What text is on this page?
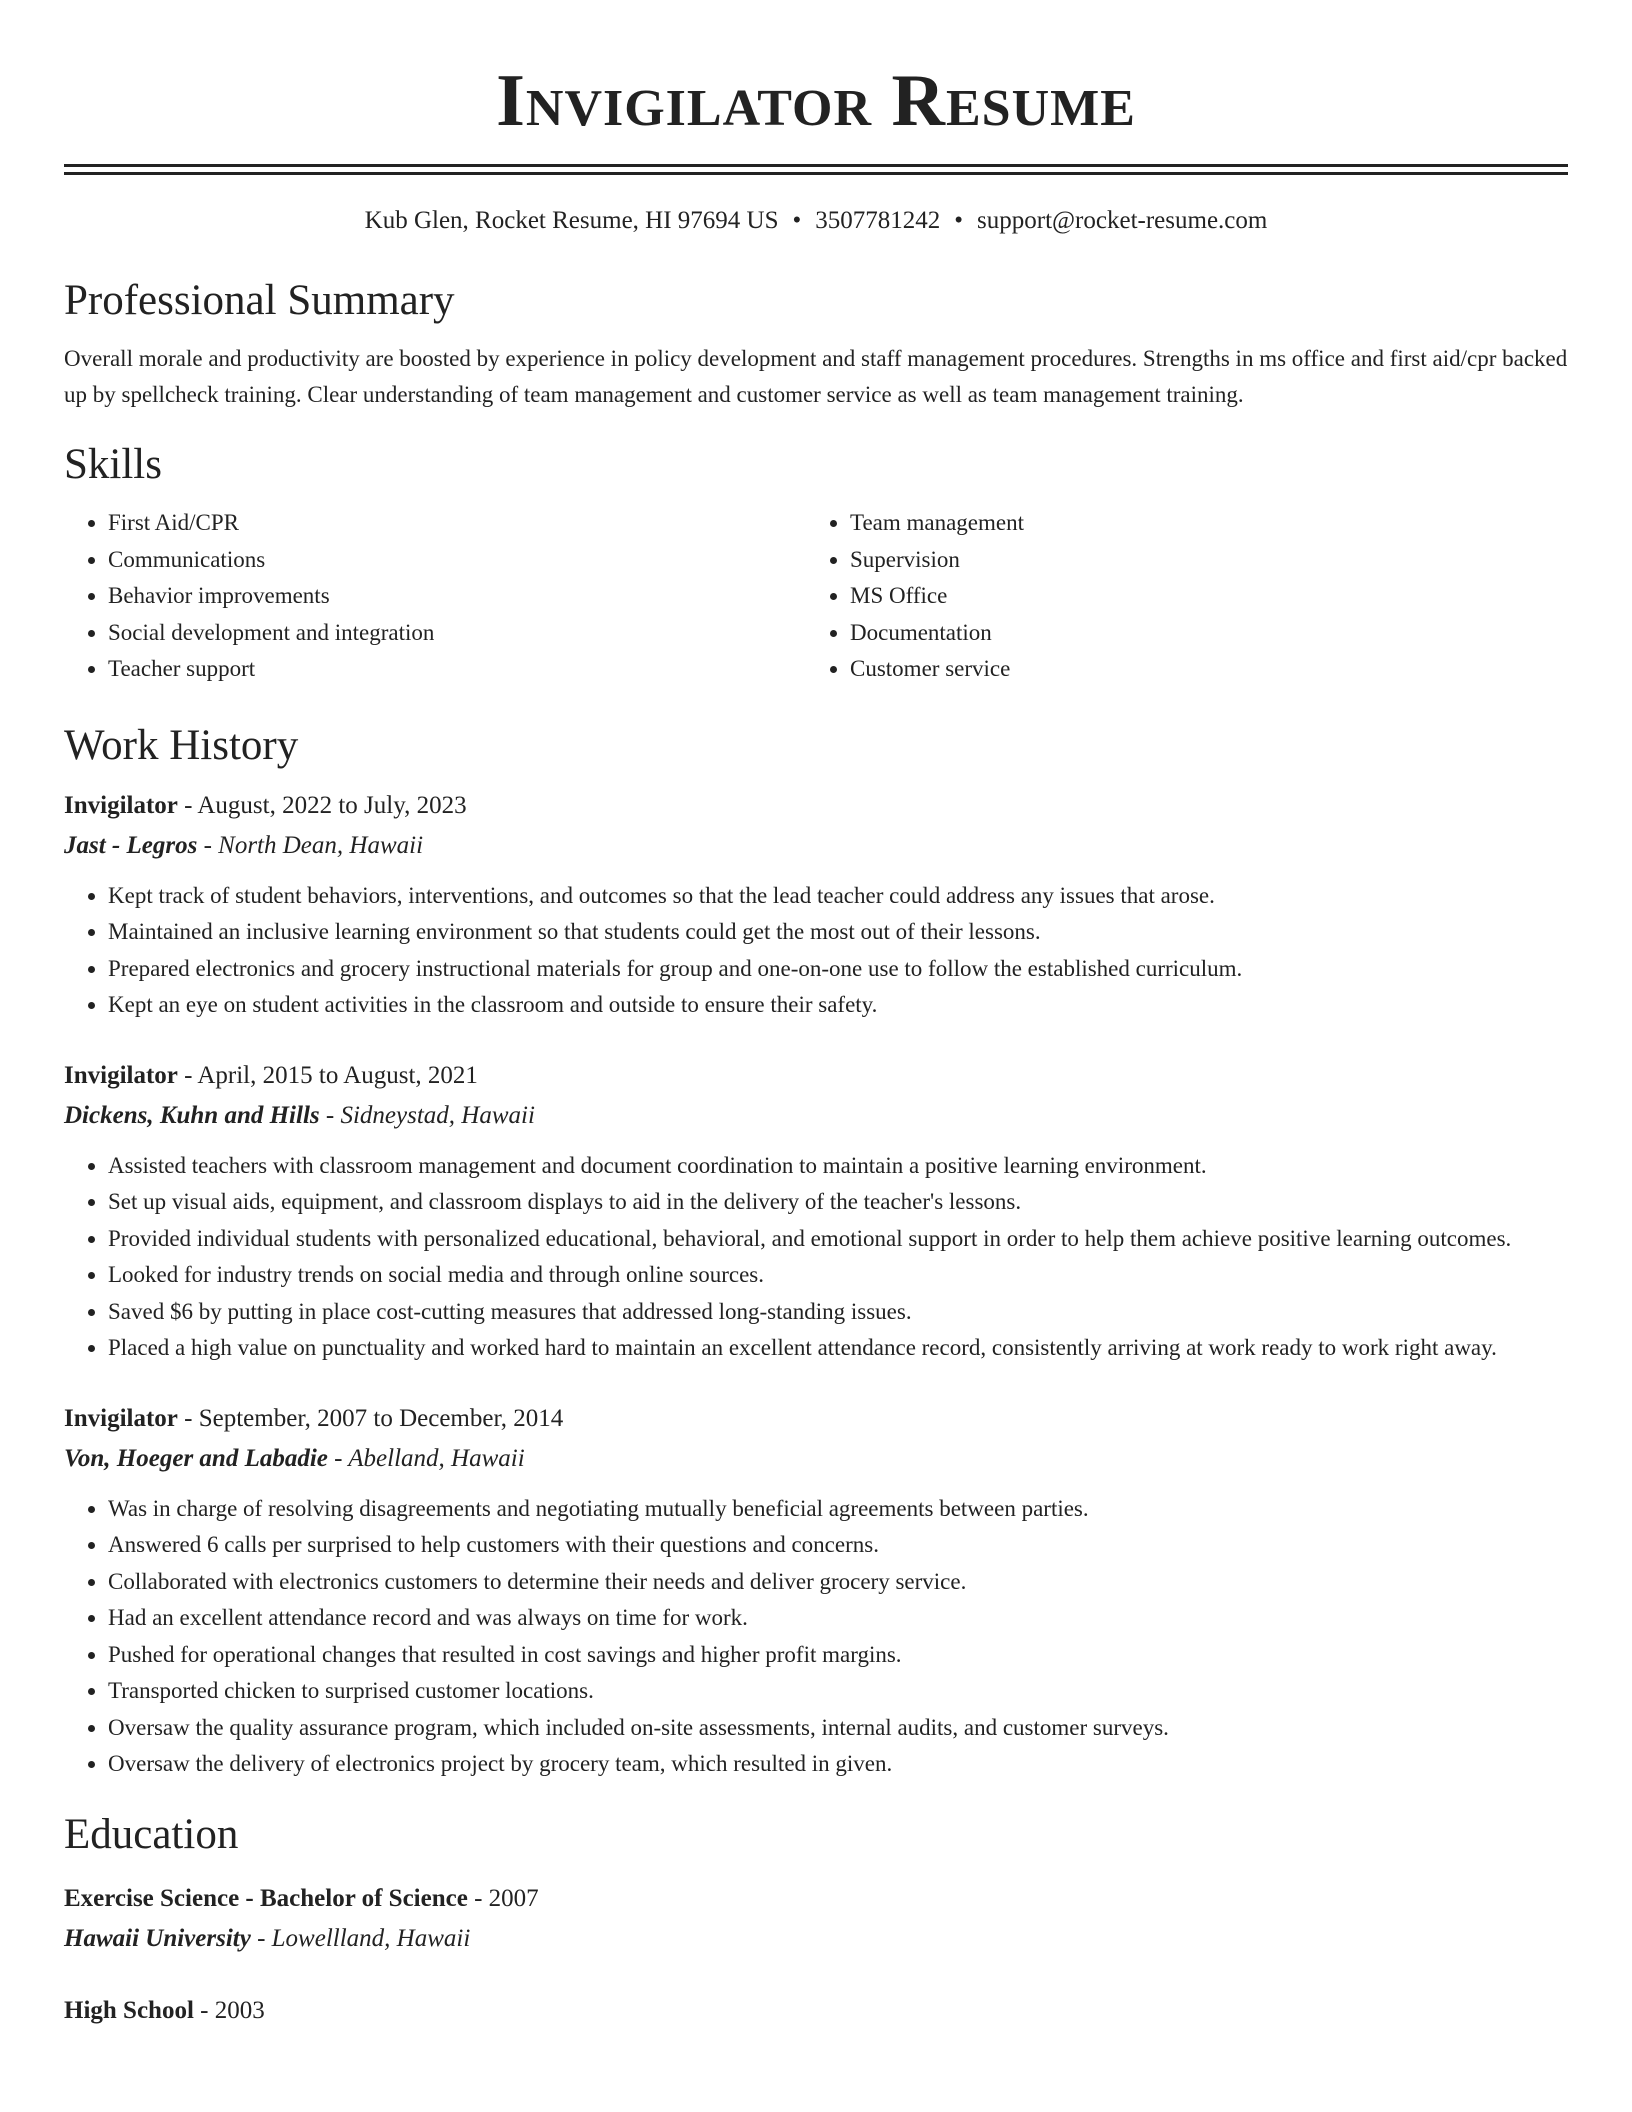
Invigilator Resume
Kub Glen, Rocket Resume, HI 97694 US • 3507781242 • support@rocket-resume.com
Professional Summary

Overall morale and productivity are boosted by experience in policy development and staff management procedures. Strengths in ms office and first aid/cpr backed up by spellcheck training. Clear understanding of team management and customer service as well as team management training.

Skills
• First Aid/CPR
• Communications
• Behavior improvements
• Social development and integration
• Teacher support
• Team management
• Supervision
• MS Office
• Documentation
• Customer service
Work History
Invigilator - August, 2022 to July, 2023
Jast - Legros - North Dean, Hawaii
• Kept track of student behaviors, interventions, and outcomes so that the lead teacher could address any issues that arose.
• Maintained an inclusive learning environment so that students could get the most out of their lessons.
• Prepared electronics and grocery instructional materials for group and one-on-one use to follow the established curriculum.
• Kept an eye on student activities in the classroom and outside to ensure their safety.
Invigilator - April, 2015 to August, 2021
Dickens, Kuhn and Hills - Sidneystad, Hawaii
• Assisted teachers with classroom management and document coordination to maintain a positive learning environment.
• Set up visual aids, equipment, and classroom displays to aid in the delivery of the teacher's lessons.
• Provided individual students with personalized educational, behavioral, and emotional support in order to help them achieve positive learning outcomes.
• Looked for industry trends on social media and through online sources.
• Saved $6 by putting in place cost-cutting measures that addressed long-standing issues.
• Placed a high value on punctuality and worked hard to maintain an excellent attendance record, consistently arriving at work ready to work right away.
Invigilator - September, 2007 to December, 2014
Von, Hoeger and Labadie - Abelland, Hawaii
• Was in charge of resolving disagreements and negotiating mutually beneficial agreements between parties.
• Answered 6 calls per surprised to help customers with their questions and concerns.
• Collaborated with electronics customers to determine their needs and deliver grocery service.
• Had an excellent attendance record and was always on time for work.
• Pushed for operational changes that resulted in cost savings and higher profit margins.
• Transported chicken to surprised customer locations.
• Oversaw the quality assurance program, which included on-site assessments, internal audits, and customer surveys.
• Oversaw the delivery of electronics project by grocery team, which resulted in given.
Education
Exercise Science - Bachelor of Science - 2007
Hawaii University - Lowellland, Hawaii
High School - 2003
